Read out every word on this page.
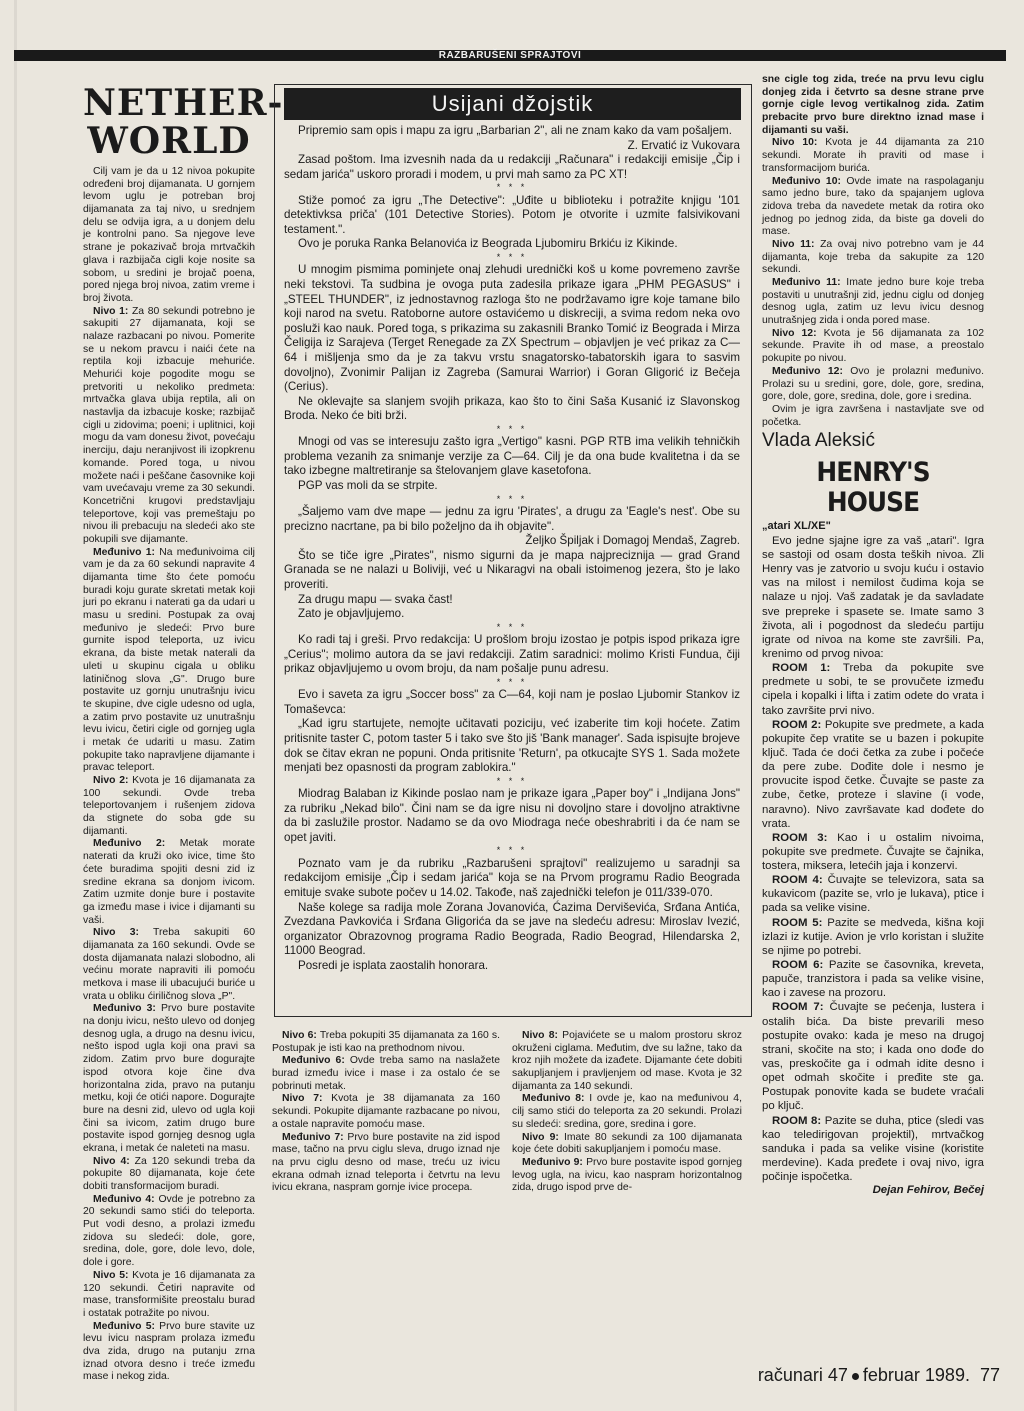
RAZBARUŠENI SPRAJTOVI
NETHER-
WORLD

Cilj vam je da u 12 nivoa pokupite određeni broj dijamanata. U gornjem levom uglu je potreban broj dijamanata za taj nivo, u srednjem delu se odvija igra, a u donjem delu je kontrolni pano. Sa njegove leve strane je pokazivač broja mrtvačkih glava i razbijača cigli koje nosite sa sobom, u sredini je brojač poena, pored njega broj nivoa, zatim vreme i broj života.

Nivo 1: Za 80 sekundi potrebno je sakupiti 27 dijamanata, koji se nalaze razbacani po nivou. Pomerite se u nekom pravcu i naići ćete na reptila koji izbacuje mehuriće. Mehurići koje pogodite mogu se pretvoriti u nekoliko predmeta: mrtvačka glava ubija reptila, ali on nastavlja da izbacuje koske; razbijač cigli u zidovima; poeni; i uplitnici, koji mogu da vam donesu život, povećaju inerciju, daju neranjivost ili izopkrenu komande. Pored toga, u nivou možete naći i peščane časovnike koji vam uvećavaju vreme za 30 sekundi. Koncetrični krugovi predstavljaju teleportove, koji vas premeštaju po nivou ili prebacuju na sledeći ako ste pokupili sve dijamante.

Međunivo 1: Na međunivoima cilj vam je da za 60 sekundi napravite 4 dijamanta time što ćete pomoću buradi koju gurate skretati metak koji juri po ekranu i naterati ga da udari u masu u sredini. Postupak za ovaj međunivo je sledeći: Prvo bure gurnite ispod teleporta, uz ivicu ekrana, da biste metak naterali da uleti u skupinu cigala u obliku latiničnog slova „G". Drugo bure postavite uz gornju unutrašnju ivicu te skupine, dve cigle udesno od ugla, a zatim prvo postavite uz unutrašnju levu ivicu, četiri cigle od gornjeg ugla i metak će udariti u masu. Zatim pokupite tako napravljene dijamante i pravac teleport.

Nivo 2: Kvota je 16 dijamanata za 100 sekundi. Ovde treba teleportovanjem i rušenjem zidova da stignete do soba gde su dijamanti.

Međunivo 2: Metak morate naterati da kruži oko ivice, time što ćete buradima spojiti desni zid iz sredine ekrana sa donjom ivicom. Zatim uzmite donje bure i postavite ga između mase i ivice i dijamanti su vaši.

Nivo 3: Treba sakupiti 60 dijamanata za 160 sekundi. Ovde se dosta dijamanata nalazi slobodno, ali većinu morate napraviti ili pomoću metkova i mase ili ubacujući buriće u vrata u obliku ćiriličnog slova „P".

Međunivo 3: Prvo bure postavite na donju ivicu, nešto ulevo od donjeg desnog ugla, a drugo na desnu ivicu, nešto ispod ugla koji ona pravi sa zidom. Zatim prvo bure dogurajte ispod otvora koje čine dva horizontalna zida, pravo na putanju metku, koji će otići napore. Dogurajte bure na desni zid, ulevo od ugla koji čini sa ivicom, zatim drugo bure postavite ispod gornjeg desnog ugla ekrana, i metak će naleteti na masu.

Nivo 4: Za 120 sekundi treba da pokupite 80 dijamanata, koje ćete dobiti transformacijom buradi.

Međunivo 4: Ovde je potrebno za 20 sekundi samo stići do teleporta. Put vodi desno, a prolazi između zidova su sledeći: dole, gore, sredina, dole, gore, dole levo, dole, dole i gore.

Nivo 5: Kvota je 16 dijamanata za 120 sekundi. Četiri napravite od mase, transformišite preostalu burad i ostatak potražite po nivou.

Međunivo 5: Prvo bure stavite uz levu ivicu naspram prolaza između dva zida, drugo na putanju zrna iznad otvora desno i treće između mase i nekog zida.

Usijani džojstik

Pripremio sam opis i mapu za igru „Barbarian 2", ali ne znam kako da vam pošaljem.

Z. Ervatić iz Vukovara

Zasad poštom. Ima izvesnih nada da u redakciji „Računara" i redakciji emisije „Čip i sedam jarića" uskoro proradi i modem, u prvi mah samo za PC XT!

* * *

Stiže pomoć za igru „The Detective": „Uđite u biblioteku i potražite knjigu '101 detektivksa priča' (101 Detective Stories). Potom je otvorite i uzmite falsivikovani testament.".

Ovo je poruka Ranka Belanovića iz Beograda Ljubomiru Brkiću iz Kikinde.

* * *

U mnogim pismima pominjete onaj zlehudi urednički koš u kome povremeno završe neki tekstovi. Ta sudbina je ovoga puta zadesila prikaze igara „PHM PEGASUS" i „STEEL THUNDER", iz jednostavnog razloga što ne podržavamo igre koje tamane bilo koji narod na svetu. Ratoborne autore ostavićemo u diskreciji, a svima redom neka ovo posluži kao nauk. Pored toga, s prikazima su zakasnili Branko Tomić iz Beograda i Mirza Čeligija iz Sarajeva (Terget Renegade za ZX Spectrum – objavljen je već prikaz za C—64 i mišljenja smo da je za takvu vrstu snagatorsko-tabatorskih igara to sasvim dovoljno), Zvonimir Palijan iz Zagreba (Samurai Warrior) i Goran Gligorić iz Bečeja (Cerius).

Ne oklevajte sa slanjem svojih prikaza, kao što to čini Saša Kusanić iz Slavonskog Broda. Neko će biti brži.

* * *

Mnogi od vas se interesuju zašto igra „Vertigo" kasni. PGP RTB ima velikih tehničkih problema vezanih za snimanje verzije za C—64. Cilj je da ona bude kvalitetna i da se tako izbegne maltretiranje sa štelovanjem glave kasetofona.

PGP vas moli da se strpite.

* * *

„Šaljemo vam dve mape — jednu za igru 'Pirates', a drugu za 'Eagle's nest'. Obe su precizno nacrtane, pa bi bilo poželjno da ih objavite".

Željko Špiljak i Domagoj Mendaš, Zagreb.

Što se tiče igre „Pirates", nismo sigurni da je mapa najpreciznija — grad Grand Granada se ne nalazi u Boliviji, već u Nikaragvi na obali istoimenog jezera, što je lako proveriti.

Za drugu mapu — svaka čast!

Zato je objavljujemo.

* * *

Ko radi taj i greši. Prvo redakcija: U prošlom broju izostao je potpis ispod prikaza igre „Cerius"; molimo autora da se javi redakciji. Zatim saradnici: molimo Kristi Fundua, čiji prikaz objavljujemo u ovom broju, da nam pošalje punu adresu.

* * *

Evo i saveta za igru „Soccer boss" za C—64, koji nam je poslao Ljubomir Stankov iz Tomaševca:

„Kad igru startujete, nemojte učitavati poziciju, već izaberite tim koji hoćete. Zatim pritisnite taster C, potom taster 5 i tako sve što jiš 'Bank manager'. Sada ispisujte brojeve dok se čitav ekran ne popuni. Onda pritisnite 'Return', pa otkucajte SYS 1. Sada možete menjati bez opasnosti da program zablokira."

* * *

Miodrag Balaban iz Kikinde poslao nam je prikaze igara „Paper boy" i „Indijana Jons" za rubriku „Nekad bilo". Čini nam se da igre nisu ni dovoljno stare i dovoljno atraktivne da bi zaslužile prostor. Nadamo se da ovo Miodraga neće obeshrabriti i da će nam se opet javiti.

* * *

Poznato vam je da rubriku „Razbarušeni sprajtovi" realizujemo u saradnji sa redakcijom emisije „Čip i sedam jarića" koja se na Prvom programu Radio Beograda emituje svake subote počev u 14.02. Takođe, naš zajednički telefon je 011/339-070.

Naše kolege sa radija mole Zorana Jovanovića, Ćazima Derviševića, Srđana Antića, Zvezdana Pavkovića i Srđana Gligorića da se jave na sledeću adresu: Miroslav Ivezić, organizator Obrazovnog programa Radio Beograda, Radio Beograd, Hilendarska 2, 11000 Beograd.

Posredi je isplata zaostalih honorara.

Nivo 6: Treba pokupiti 35 dijamanata za 160 s. Postupak je isti kao na prethodnom nivou.

Međunivo 6: Ovde treba samo na naslažete burad između ivice i mase i za ostalo će se pobrinuti metak.

Nivo 7: Kvota je 38 dijamanata za 160 sekundi. Pokupite dijamante razbacane po nivou, a ostale napravite pomoću mase.

Međunivo 7: Prvo bure postavite na zid ispod mase, tačno na prvu ciglu sleva, drugo iznad nje na prvu ciglu desno od mase, treću uz ivicu ekrana odmah iznad teleporta i četvrtu na levu ivicu ekrana, naspram gornje ivice procepa.

Nivo 8: Pojavićete se u malom prostoru skroz okruženi ciglama. Međutim, dve su lažne, tako da kroz njih možete da izađete. Dijamante ćete dobiti sakupljanjem i pravljenjem od mase. Kvota je 32 dijamanta za 140 sekundi.

Međunivo 8: I ovde je, kao na međunivou 4, cilj samo stići do teleporta za 20 sekundi. Prolazi su sledeći: sredina, gore, sredina i gore.

Nivo 9: Imate 80 sekundi za 100 dijamanata koje ćete dobiti sakupljanjem i pomoću mase.

Međunivo 9: Prvo bure postavite ispod gornjeg levog ugla, na ivicu, kao naspram horizontalnog zida, drugo ispod prve de-

sne cigle tog zida, treće na prvu levu ciglu donjeg zida i četvrto sa desne strane prve gornje cigle levog vertikalnog zida. Zatim prebacite prvo bure direktno iznad mase i dijamanti su vaši.

Nivo 10: Kvota je 44 dijamanta za 210 sekundi. Morate ih praviti od mase i transformacijom burića.

Međunivo 10: Ovde imate na raspolaganju samo jedno bure, tako da spajanjem uglova zidova treba da navedete metak da rotira oko jednog po jednog zida, da biste ga doveli do mase.

Nivo 11: Za ovaj nivo potrebno vam je 44 dijamanta, koje treba da sakupite za 120 sekundi.

Međunivo 11: Imate jedno bure koje treba postaviti u unutrašnji zid, jednu ciglu od donjeg desnog ugla, zatim uz levu ivicu desnog unutrašnjeg zida i onda pored mase.

Nivo 12: Kvota je 56 dijamanata za 102 sekunde. Pravite ih od mase, a preostalo pokupite po nivou.

Međunivo 12: Ovo je prolazni međunivo. Prolazi su u sredini, gore, dole, gore, sredina, gore, dole, gore, sredina, dole, gore i sredina.

Ovim je igra završena i nastavljate sve od početka.

Vlada Aleksić

HENRY'S HOUSE

„atari XL/XE"

Evo jedne sjajne igre za vaš „atari". Igra se sastoji od osam dosta teških nivoa. Zli Henry vas je zatvorio u svoju kuću i ostavio vas na milost i nemilost čudima koja se nalaze u njoj. Vaš zadatak je da savladate sve prepreke i spasete se. Imate samo 3 života, ali i pogodnost da sledeću partiju igrate od nivoa na kome ste završili. Pa, krenimo od prvog nivoa:

ROOM 1: Treba da pokupite sve predmete u sobi, te se provučete između cipela i kopalki i lifta i zatim odete do vrata i tako završite prvi nivo.

ROOM 2: Pokupite sve predmete, a kada pokupite čep vratite se u bazen i pokupite ključ. Tada će doći četka za zube i počeće da pere zube. Dođite dole i nesmo je provucite ispod četke. Čuvajte se paste za zube, četke, proteze i slavine (i vode, naravno). Nivo završavate kad dođete do vrata.

ROOM 3: Kao i u ostalim nivoima, pokupite sve predmete. Čuvajte se čajnika, tostera, miksera, letećih jaja i konzervi.

ROOM 4: Čuvajte se televizora, sata sa kukavicom (pazite se, vrlo je lukava), ptice i pada sa velike visine.

ROOM 5: Pazite se medveda, kišna koji izlazi iz kutije. Avion je vrlo koristan i služite se njime po potrebi.

ROOM 6: Pazite se časovnika, kreveta, papuče, tranzistora i pada sa velike visine, kao i zavese na prozoru.

ROOM 7: Čuvajte se pećenja, lustera i ostalih bića. Da biste prevarili meso postupite ovako: kada je meso na drugoj strani, skočite na sto; i kada ono dođe do vas, preskočite ga i odmah idite desno i opet odmah skočite i pređite ste ga. Postupak ponovite kada se budete vraćali po ključ.

ROOM 8: Pazite se duha, ptice (sledi vas kao teledirigovan projektil), mrtvačkog sanduka i pada sa velike visine (koristite merdevine). Kada pređete i ovaj nivo, igra počinje ispočetka.

Dejan Fehirov, Bečej

računari 47 februar 1989. 77
